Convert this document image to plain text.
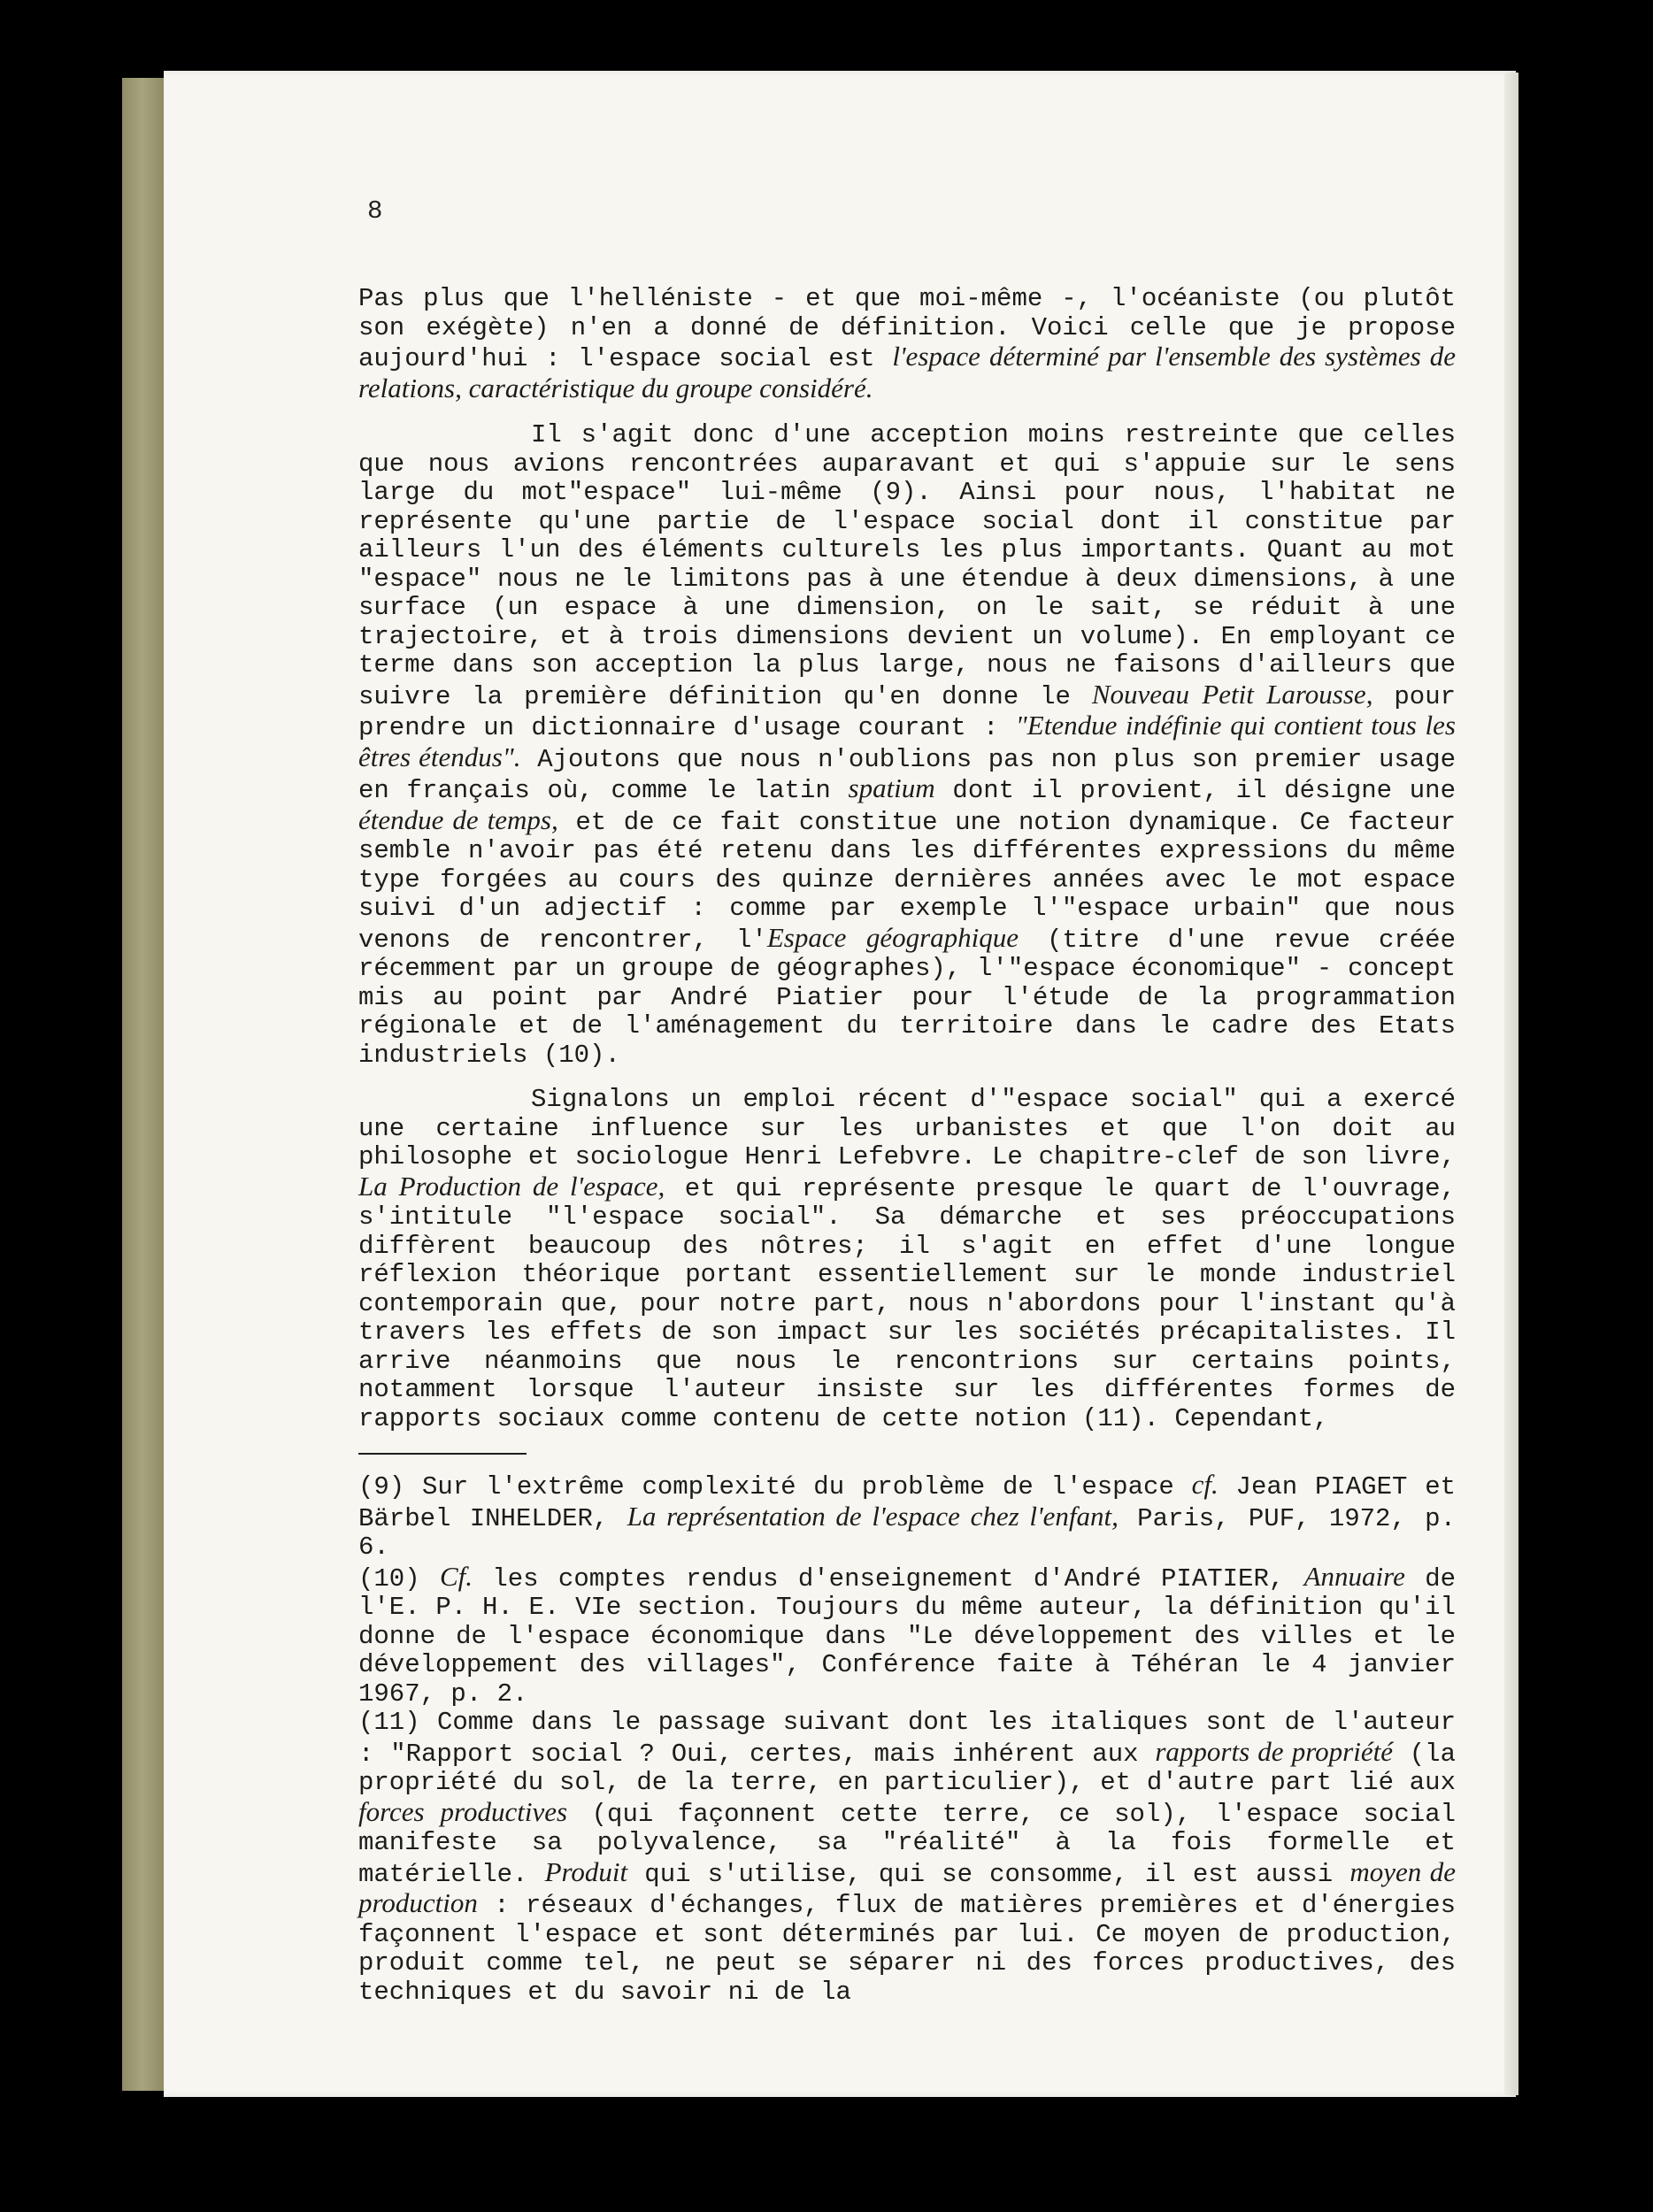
8

Pas plus que l'helléniste - et que moi-même -, l'océaniste (ou plutôt son exégète) n'en a donné de définition. Voici celle que je propose aujourd'hui : l'espace social est l'espace déterminé par l'ensemble des systèmes de relations, caractéristique du groupe considéré.

Il s'agit donc d'une acception moins restreinte que celles que nous avions rencontrées auparavant et qui s'appuie sur le sens large du mot"espace" lui-même (9). Ainsi pour nous, l'habitat ne représente qu'une partie de l'espace social dont il constitue par ailleurs l'un des éléments culturels les plus importants. Quant au mot "espace" nous ne le limitons pas à une étendue à deux dimensions, à une surface (un espace à une dimension, on le sait, se réduit à une trajectoire, et à trois dimensions devient un volume). En employant ce terme dans son acception la plus large, nous ne faisons d'ailleurs que suivre la première définition qu'en donne le Nouveau Petit Larousse, pour prendre un dictionnaire d'usage courant : "Etendue indéfinie qui contient tous les êtres étendus". Ajoutons que nous n'oublions pas non plus son premier usage en français où, comme le latin spatium dont il provient, il désigne une étendue de temps, et de ce fait constitue une notion dynamique. Ce facteur semble n'avoir pas été retenu dans les différentes expressions du même type forgées au cours des quinze dernières années avec le mot espace suivi d'un adjectif : comme par exemple l'"espace urbain" que nous venons de rencontrer, l'Espace géographique (titre d'une revue créée récemment par un groupe de géographes), l'"espace économique" - concept mis au point par André Piatier pour l'étude de la programmation régionale et de l'aménagement du territoire dans le cadre des Etats industriels (10).

Signalons un emploi récent d'"espace social" qui a exercé une certaine influence sur les urbanistes et que l'on doit au philosophe et sociologue Henri Lefebvre. Le chapitre-clef de son livre, La Production de l'espace, et qui représente presque le quart de l'ouvrage, s'intitule "l'espace social". Sa démarche et ses préoccupations diffèrent beaucoup des nôtres; il s'agit en effet d'une longue réflexion théorique portant essentiellement sur le monde industriel contemporain que, pour notre part, nous n'abordons pour l'instant qu'à travers les effets de son impact sur les sociétés précapitalistes. Il arrive néanmoins que nous le rencontrions sur certains points, notamment lorsque l'auteur insiste sur les différentes formes de rapports sociaux comme contenu de cette notion (11). Cependant,

(9) Sur l'extrême complexité du problème de l'espace cf. Jean PIAGET et Bärbel INHELDER, La représentation de l'espace chez l'enfant, Paris, PUF, 1972, p. 6.

(10) Cf. les comptes rendus d'enseignement d'André PIATIER, Annuaire de l'E. P. H. E. VIe section. Toujours du même auteur, la définition qu'il donne de l'espace économique dans "Le développement des villes et le développement des villages", Conférence faite à Téhéran le 4 janvier 1967, p. 2.

(11) Comme dans le passage suivant dont les italiques sont de l'auteur : "Rapport social ? Oui, certes, mais inhérent aux rapports de propriété (la propriété du sol, de la terre, en particulier), et d'autre part lié aux forces productives (qui façonnent cette terre, ce sol), l'espace social manifeste sa polyvalence, sa "réalité" à la fois formelle et matérielle. Produit qui s'utilise, qui se consomme, il est aussi moyen de production : réseaux d'échanges, flux de matières premières et d'énergies façonnent l'espace et sont déterminés par lui. Ce moyen de production, produit comme tel, ne peut se séparer ni des forces productives, des techniques et du savoir ni de la
